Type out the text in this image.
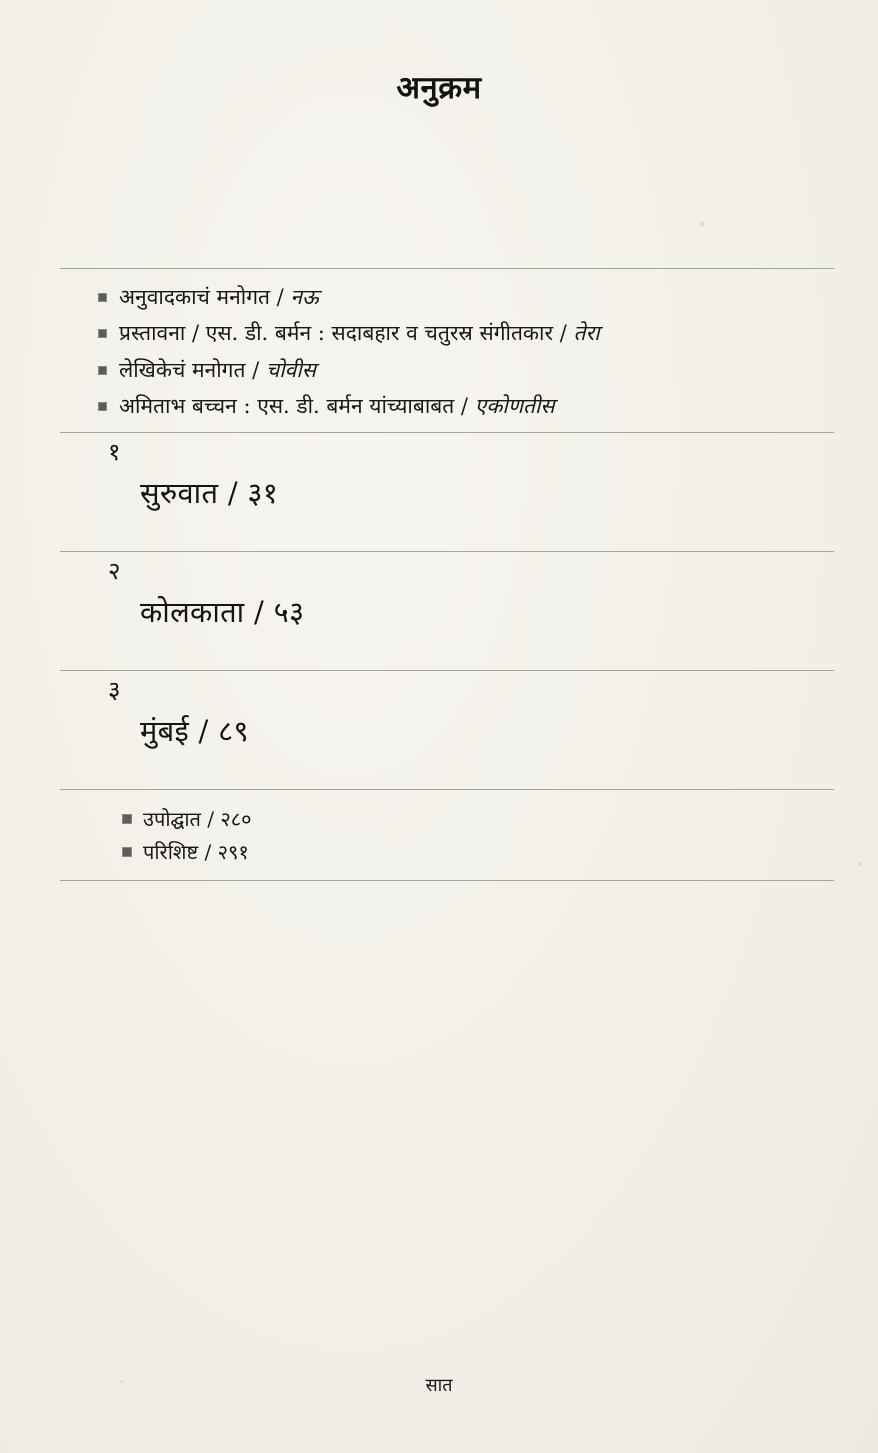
अनुक्रम
अनुवादकाचं मनोगत / नऊ
प्रस्तावना / एस. डी. बर्मन : सदाबहार व चतुरस्र संगीतकार / तेरा
लेखिकेचं मनोगत / चोवीस
अमिताभ बच्चन : एस. डी. बर्मन यांच्याबाबत / एकोणतीस
१
सुरुवात / ३१
२
कोलकाता / ५३
३
मुंबई / ८९
उपोद्घात / २८०
परिशिष्ट / २९१
सात
